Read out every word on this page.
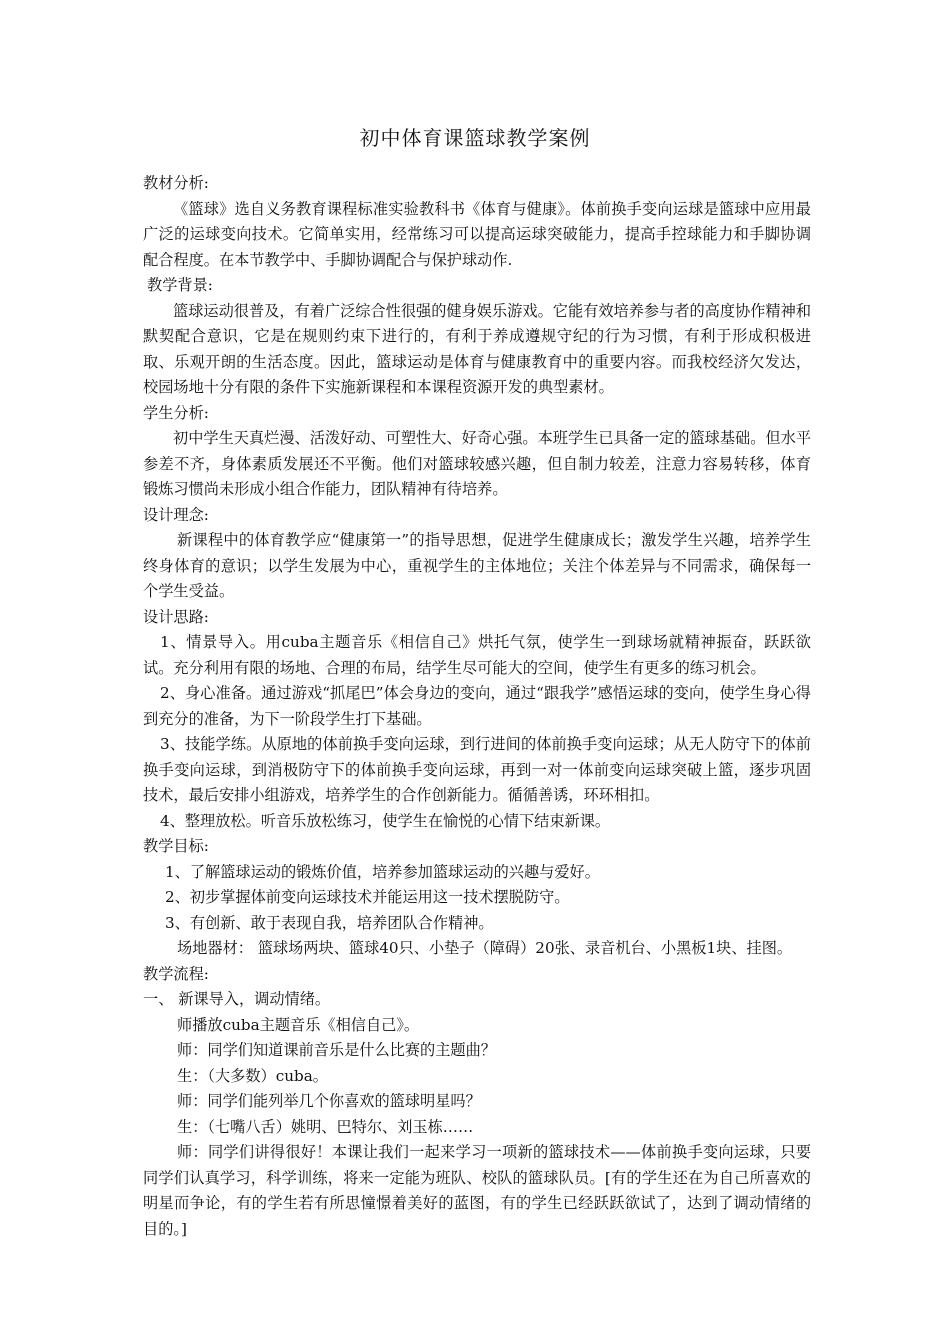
初中体育课篮球教学案例

教材分析:

《篮球》选自义务教育课程标准实验教科书《体育与健康》。体前换手变向运球是篮球中应用最广泛的运球变向技术。它简单实用，经常练习可以提高运球突破能力，提高手控球能力和手脚协调配合程度。在本节教学中、手脚协调配合与保护球动作.

教学背景:

篮球运动很普及，有着广泛综合性很强的健身娱乐游戏。它能有效培养参与者的高度协作精神和默契配合意识，它是在规则约束下进行的，有利于养成遵规守纪的行为习惯，有利于形成积极进取、乐观开朗的生活态度。因此，篮球运动是体育与健康教育中的重要内容。而我校经济欠发达，校园场地十分有限的条件下实施新课程和本课程资源开发的典型素材。

学生分析:

初中学生天真烂漫、活泼好动、可塑性大、好奇心强。本班学生已具备一定的篮球基础。但水平参差不齐，身体素质发展还不平衡。他们对篮球较感兴趣，但自制力较差，注意力容易转移，体育锻炼习惯尚未形成小组合作能力，团队精神有待培养。

设计理念:

新课程中的体育教学应“健康第一”的指导思想，促进学生健康成长；激发学生兴趣，培养学生终身体育的意识；以学生发展为中心，重视学生的主体地位；关注个体差异与不同需求，确保每一个学生受益。

设计思路:

1、情景导入。用cuba主题音乐《相信自己》烘托气氛，使学生一到球场就精神振奋，跃跃欲试。充分利用有限的场地、合理的布局，结学生尽可能大的空间，使学生有更多的练习机会。

2、身心准备。通过游戏“抓尾巴”体会身边的变向，通过“跟我学”感悟运球的变向，使学生身心得到充分的准备，为下一阶段学生打下基础。

3、技能学练。从原地的体前换手变向运球，到行进间的体前换手变向运球；从无人防守下的体前换手变向运球，到消极防守下的体前换手变向运球，再到一对一体前变向运球突破上篮，逐步巩固技术，最后安排小组游戏，培养学生的合作创新能力。循循善诱，环环相扣。

4、整理放松。听音乐放松练习，使学生在愉悦的心情下结束新课。

教学目标:

1、了解篮球运动的锻炼价值，培养参加篮球运动的兴趣与爱好。

2、初步掌握体前变向运球技术并能运用这一技术摆脱防守。

3、有创新、敢于表现自我，培养团队合作精神。

场地器材： 篮球场两块、篮球40只、小垫子（障碍）20张、录音机台、小黑板1块、挂图。

教学流程:

一、 新课导入，调动情绪。

师播放cuba主题音乐《相信自己》。

师：同学们知道课前音乐是什么比赛的主题曲？

生：（大多数）cuba。

师：同学们能列举几个你喜欢的篮球明星吗？

生：（七嘴八舌）姚明、巴特尔、刘玉栋……

师：同学们讲得很好！本课让我们一起来学习一项新的篮球技术——体前换手变向运球，只要同学们认真学习，科学训练，将来一定能为班队、校队的篮球队员。[有的学生还在为自己所喜欢的明星而争论，有的学生若有所思憧憬着美好的蓝图，有的学生已经跃跃欲试了，达到了调动情绪的目的。]
